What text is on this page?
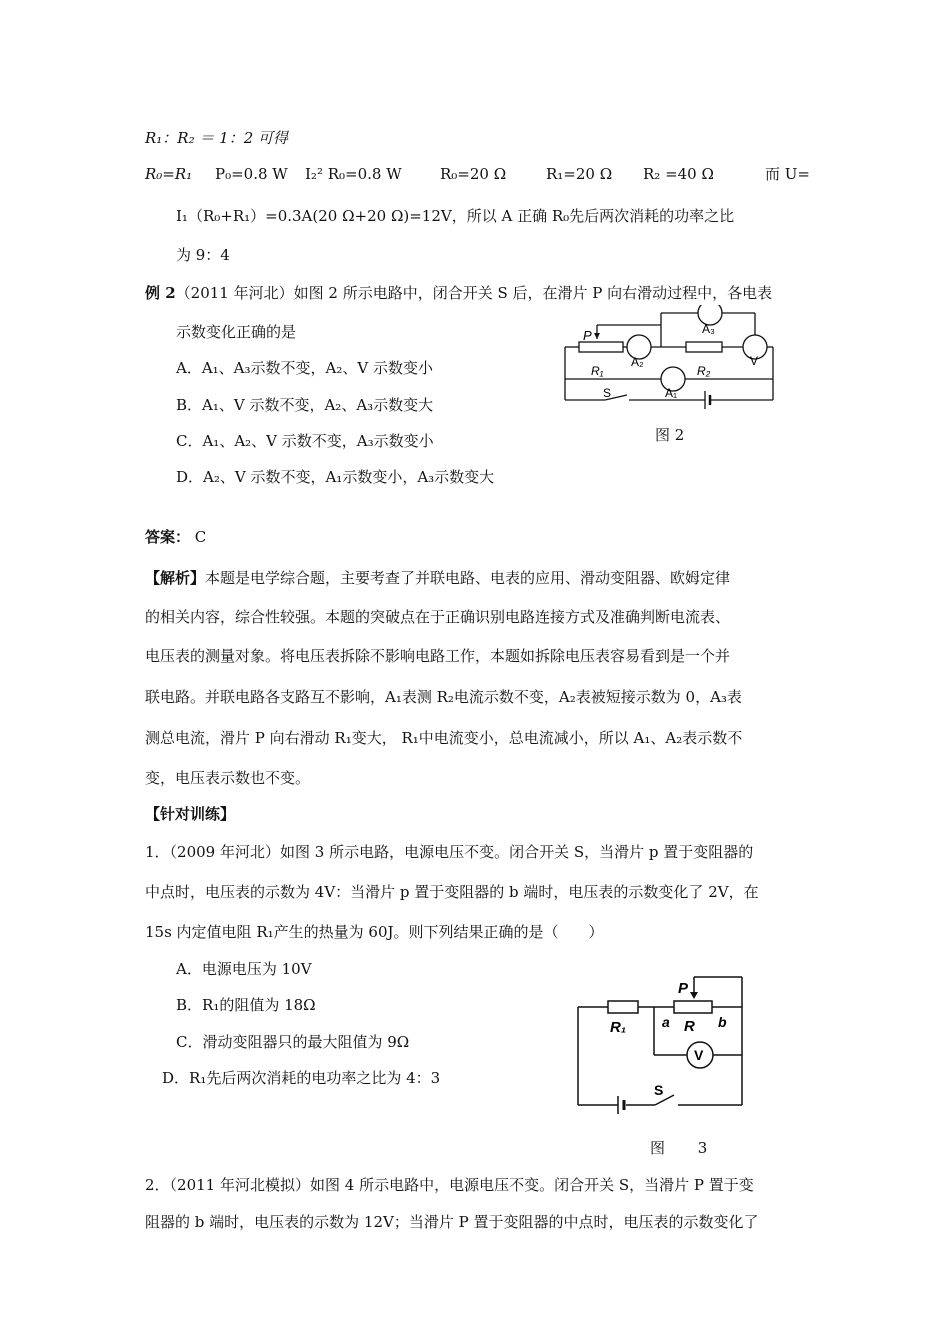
R₁：R₂ ＝ 1：2 可得
R₀=R₁ P₀=0.8 W I₂² R₀=0.8 W	R₀=20 Ω	R₁=20 Ω R₂ =40 Ω	而 U=
I₁（R₀+R₁）=0.3A(20 Ω+20 Ω)=12V，所以 A 正确 R₀先后两次消耗的功率之比
为 9：4
例 2（2011 年河北）如图 2 所示电路中，闭合开关 S 后，在滑片 P 向右滑动过程中，各电表
示数变化正确的是
A．A₁、A₃示数不变，A₂、V 示数变小
B．A₁、V 示数不变，A₂、A₃示数变大
C．A₁、A₂、V 示数不变，A₃示数变小
D．A₂、V 示数不变，A₁示数变小，A₃示数变大
P
R₁	R₂
A₂
A₃
A₁
V
S
图 2
答案： C
【解析】本题是电学综合题，主要考查了并联电路、电表的应用、滑动变阻器、欧姆定律
的相关内容，综合性较强。本题的突破点在于正确识别电路连接方式及准确判断电流表、
电压表的测量对象。将电压表拆除不影响电路工作，本题如拆除电压表容易看到是一个并
联电路。并联电路各支路互不影响，A₁表测 R₂电流示数不变，A₂表被短接示数为 0，A₃表
测总电流，滑片 P 向右滑动 R₁变大， R₁中电流变小，总电流减小，所以 A₁、A₂表示数不
变，电压表示数也不变。
【针对训练】
1．（2009 年河北）如图 3 所示电路，电源电压不变。闭合开关 S，当滑片 p 置于变阻器的
中点时，电压表的示数为 4V：当滑片 p 置于变阻器的 b 端时，电压表的示数变化了 2V，在
15s 内定值电阻 R₁产生的热量为 60J。则下列结果正确的是（　　）
A．电源电压为 10V
B．R₁的阻值为 18Ω
C．滑动变阻器只的最大阻值为 9Ω
D．R₁先后两次消耗的电功率之比为 4：3
P
R₁	R
a	b
V
S
图 3
2．（2011 年河北模拟）如图 4 所示电路中，电源电压不变。闭合开关 S，当滑片 P 置于变
阻器的 b 端时，电压表的示数为 12V；当滑片 P 置于变阻器的中点时，电压表的示数变化了
